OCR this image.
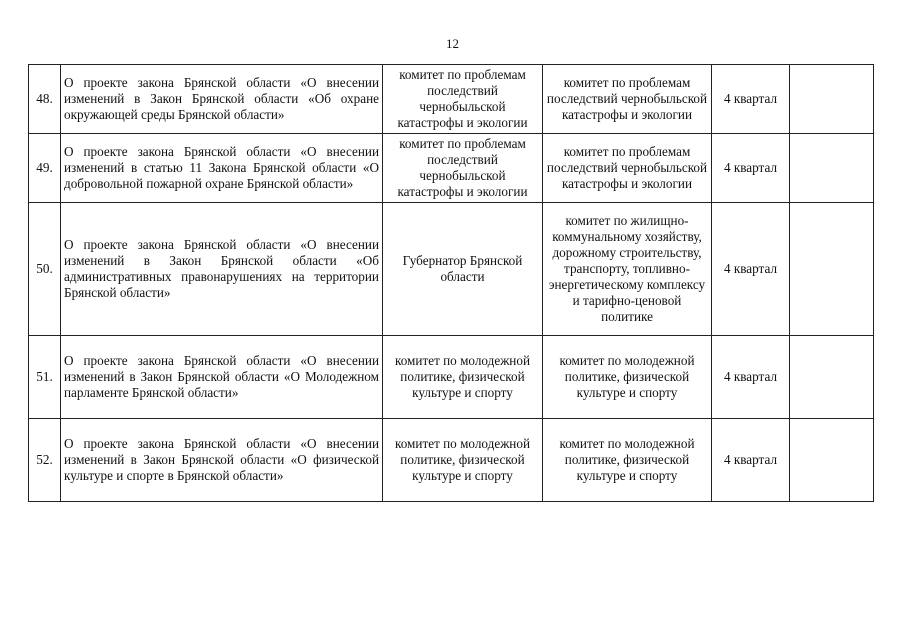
12
48.	О проекте закона Брянской области «О внесении изменений в Закон Брянской области «Об охране окружающей среды Брянской области»	комитет по проблемам последствий чернобыльской катастрофы и экологии	комитет по проблемам последствий чернобыльской катастрофы и экологии	4 квартал	
49.	О проекте закона Брянской области «О внесении изменений в статью 11 Закона Брянской области «О добровольной пожарной охране Брянской области»	комитет по проблемам последствий чернобыльской катастрофы и экологии	комитет по проблемам последствий чернобыльской катастрофы и экологии	4 квартал	
50.	О проекте закона Брянской области «О внесении изменений в Закон Брянской области «Об административных правонарушениях на территории Брянской области»	Губернатор Брянской области	комитет по жилищно-коммунальному хозяйству, дорожному строительству, транспорту, топливно-энергетическому комплексу и тарифно-ценовой политике	4 квартал	
51.	О проекте закона Брянской области «О внесении изменений в Закон Брянской области «О Молодежном парламенте Брянской области»	комитет по молодежной политике, физической культуре и спорту	комитет по молодежной политике, физической культуре и спорту	4 квартал	
52.	О проекте закона Брянской области «О внесении изменений в Закон Брянской области «О физической культуре и спорте в Брянской области»	комитет по молодежной политике, физической культуре и спорту	комитет по молодежной политике, физической культуре и спорту	4 квартал	
